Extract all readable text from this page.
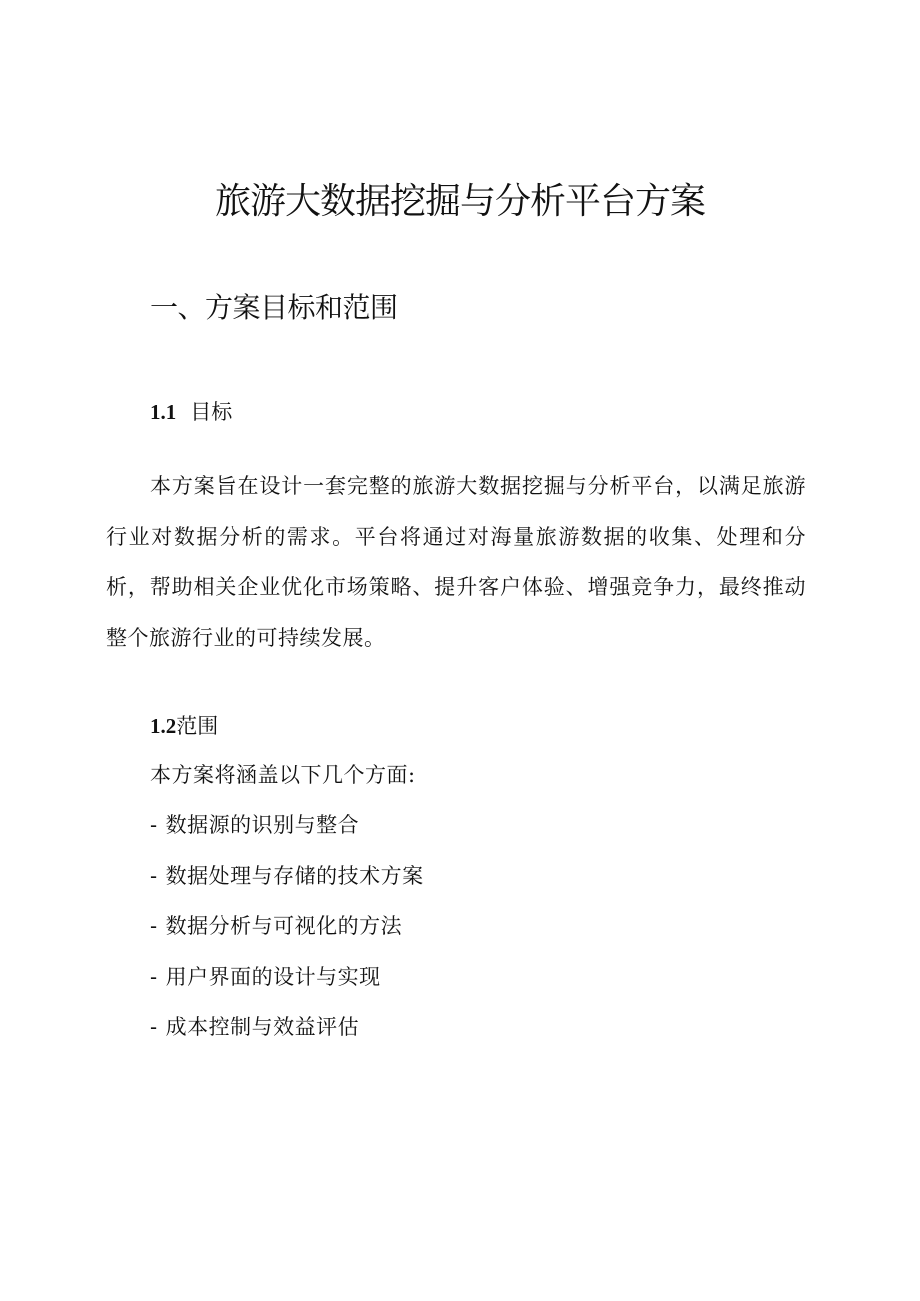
旅游大数据挖掘与分析平台方案
一、方案目标和范围
1.1 目标

本方案旨在设计一套完整的旅游大数据挖掘与分析平台，以满足旅游行业对数据分析的需求。平台将通过对海量旅游数据的收集、处理和分析，帮助相关企业优化市场策略、提升客户体验、增强竞争力，最终推动整个旅游行业的可持续发展。

1.2范围

本方案将涵盖以下几个方面:

- 数据源的识别与整合
- 数据处理与存储的技术方案
- 数据分析与可视化的方法
- 用户界面的设计与实现
- 成本控制与效益评估
